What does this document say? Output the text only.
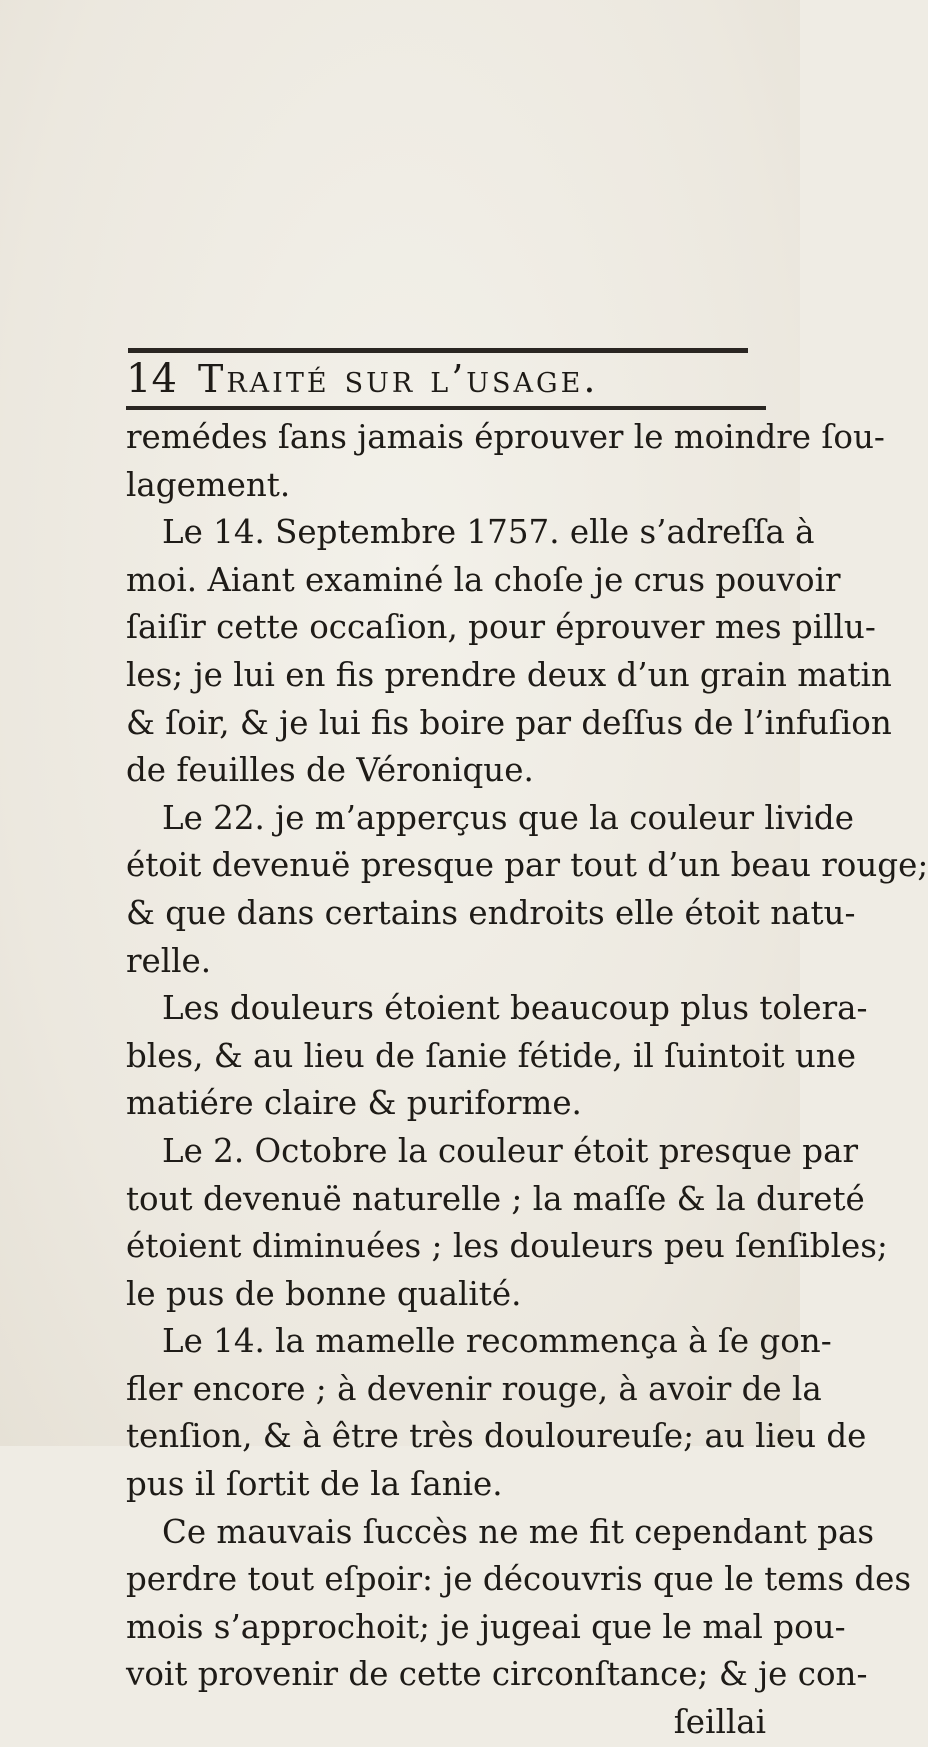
14 Traité sur l’usage.
remédes ſans jamais éprouver le moindre ſou-
lagement.
Le 14. Septembre 1757. elle s’adreſſa à
moi. Aiant examiné la choſe je crus pouvoir
ſaiſir cette occaſion, pour éprouver mes pillu-
les; je lui en fis prendre deux d’un grain matin
& ſoir, & je lui fis boire par deſſus de l’infuſion
de feuilles de Véronique.
Le 22. je m’apperçus que la couleur livide
étoit devenuë presque par tout d’un beau rouge;
& que dans certains endroits elle étoit natu-
relle.
Les douleurs étoient beaucoup plus tolera-
bles, & au lieu de ſanie fétide, il ſuintoit une
matiére claire & puriforme.
Le 2. Octobre la couleur étoit presque par
tout devenuë naturelle ; la maſſe & la dureté
étoient diminuées ; les douleurs peu ſenſibles;
le pus de bonne qualité.
Le 14. la mamelle recommença à ſe gon-
fler encore ; à devenir rouge, à avoir de la
tenſion, & à être très douloureuſe; au lieu de
pus il ſortit de la ſanie.
Ce mauvais ſuccès ne me fit cependant pas
perdre tout eſpoir: je découvris que le tems des
mois s’approchoit; je jugeai que le mal pou-
voit provenir de cette circonſtance; & je con-
ſeillai
